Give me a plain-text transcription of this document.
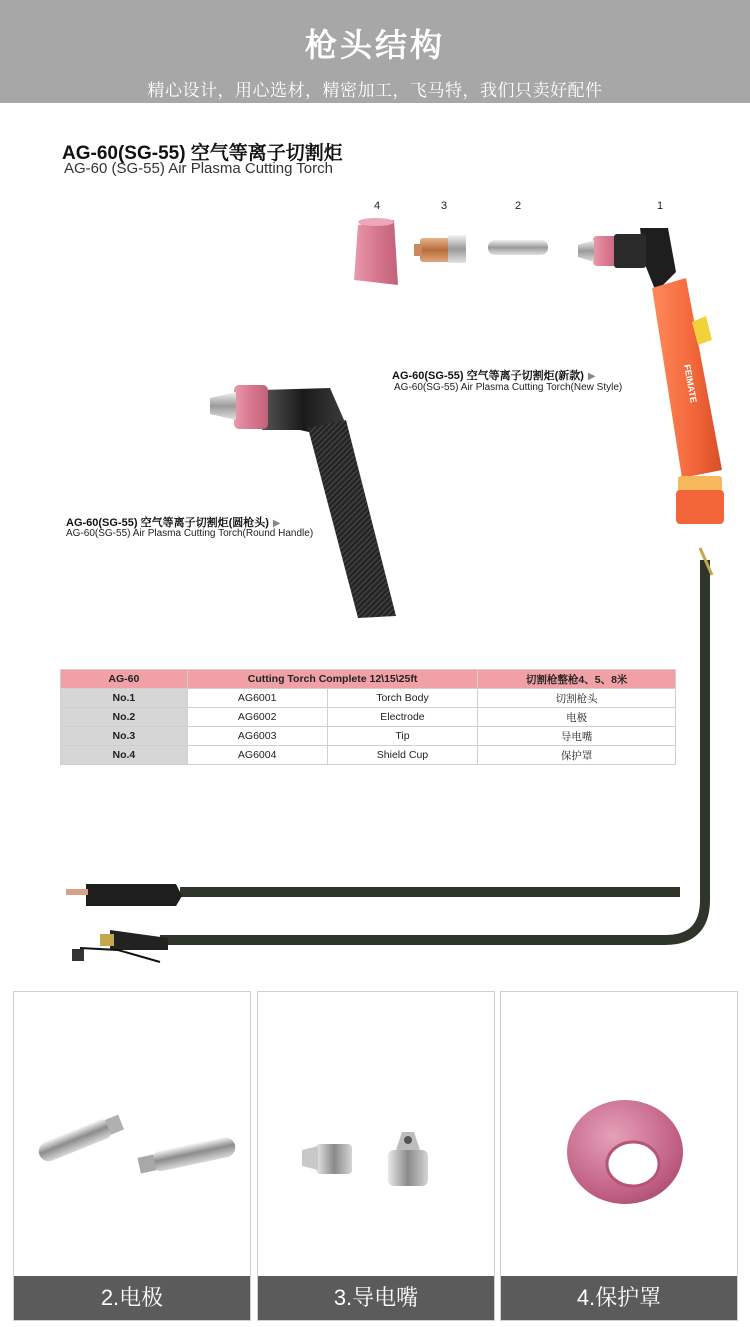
枪头结构

精心设计，用心选材，精密加工，飞马特，我们只卖好配件

AG-60(SG-55) 空气等离子切割炬
AG-60 (SG-55) Air Plasma Cutting Torch
4	3	2	1
FEIMATE
AG-60(SG-55) 空气等离子切割炬(新款) ▶
AG-60(SG-55) Air Plasma Cutting Torch(New Style)
AG-60(SG-55) 空气等离子切割炬(圆枪头) ▶
AG-60(SG-55) Air Plasma Cutting Torch(Round Handle)
AG-60	Cutting Torch Complete 12\15\25ft		切割枪整枪4、5、8米
No.1	AG6001	Torch Body	切割枪头
No.2	AG6002	Electrode	电极
No.3	AG6003	Tip	导电嘴
No.4	AG6004	Shield Cup	保护罩
2.电极	3.导电嘴	4.保护罩
